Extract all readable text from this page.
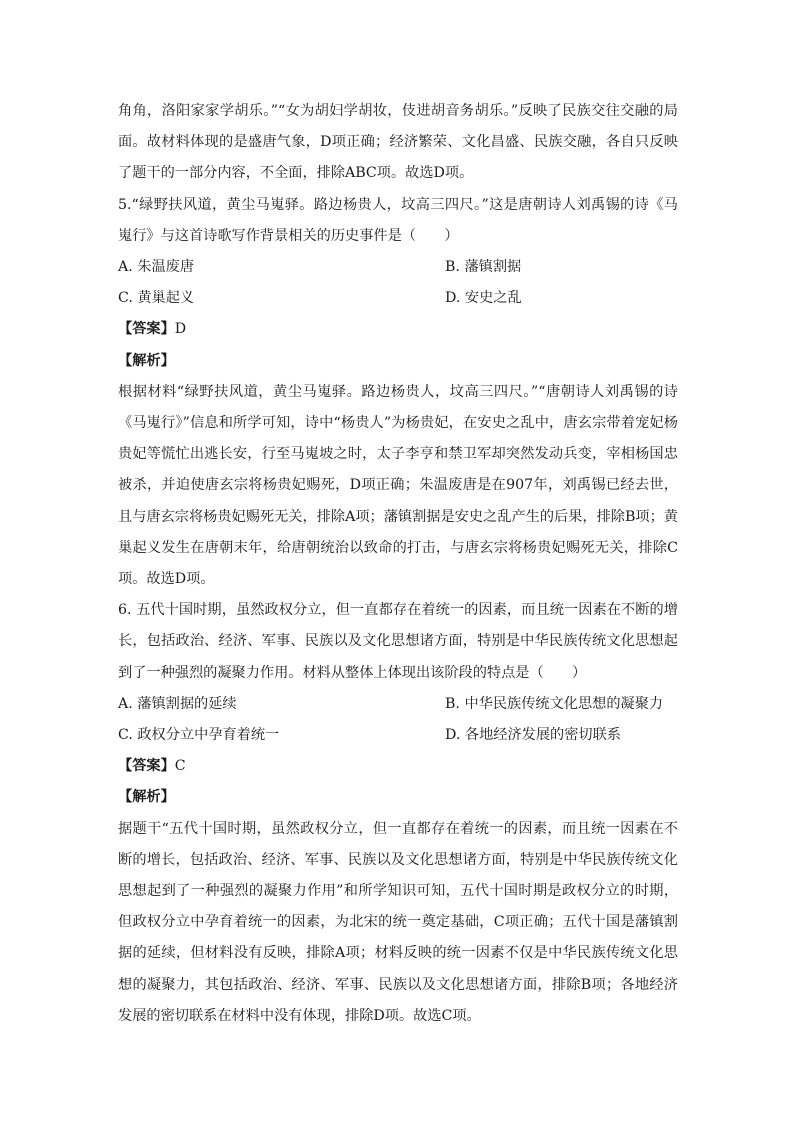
角角，洛阳家家学胡乐。”“女为胡妇学胡妆，伎进胡音务胡乐。”反映了民族交往交融的局面。故材料体现的是盛唐气象，D项正确；经济繁荣、文化昌盛、民族交融，各自只反映了题干的一部分内容，不全面，排除ABC项。故选D项。

5.“绿野扶风道，黄尘马嵬驿。路边杨贵人，坟高三四尺。”这是唐朝诗人刘禹锡的诗《马嵬行》与这首诗歌写作背景相关的历史事件是（　　）

A. 朱温废唐	B. 藩镇割据
C. 黄巢起义	D. 安史之乱

【答案】D

【解析】

根据材料“绿野扶风道，黄尘马嵬驿。路边杨贵人，坟高三四尺。”“唐朝诗人刘禹锡的诗《马嵬行》”信息和所学可知，诗中“杨贵人”为杨贵妃，在安史之乱中，唐玄宗带着宠妃杨贵妃等慌忙出逃长安，行至马嵬坡之时，太子李亨和禁卫军却突然发动兵变，宰相杨国忠被杀，并迫使唐玄宗将杨贵妃赐死，D项正确；朱温废唐是在907年，刘禹锡已经去世，且与唐玄宗将杨贵妃赐死无关，排除A项；藩镇割据是安史之乱产生的后果，排除B项；黄巢起义发生在唐朝末年，给唐朝统治以致命的打击，与唐玄宗将杨贵妃赐死无关，排除C项。故选D项。

6. 五代十国时期，虽然政权分立，但一直都存在着统一的因素，而且统一因素在不断的增长，包括政治、经济、军事、民族以及文化思想诸方面，特别是中华民族传统文化思想起到了一种强烈的凝聚力作用。材料从整体上体现出该阶段的特点是（　　）

A. 藩镇割据的延续	B. 中华民族传统文化思想的凝聚力
C. 政权分立中孕育着统一	D. 各地经济发展的密切联系

【答案】C

【解析】

据题干“五代十国时期，虽然政权分立，但一直都存在着统一的因素，而且统一因素在不断的增长，包括政治、经济、军事、民族以及文化思想诸方面，特别是中华民族传统文化思想起到了一种强烈的凝聚力作用”和所学知识可知，五代十国时期是政权分立的时期，但政权分立中孕育着统一的因素，为北宋的统一奠定基础，C项正确；五代十国是藩镇割据的延续，但材料没有反映，排除A项；材料反映的统一因素不仅是中华民族传统文化思想的凝聚力，其包括政治、经济、军事、民族以及文化思想诸方面，排除B项；各地经济发展的密切联系在材料中没有体现，排除D项。故选C项。
